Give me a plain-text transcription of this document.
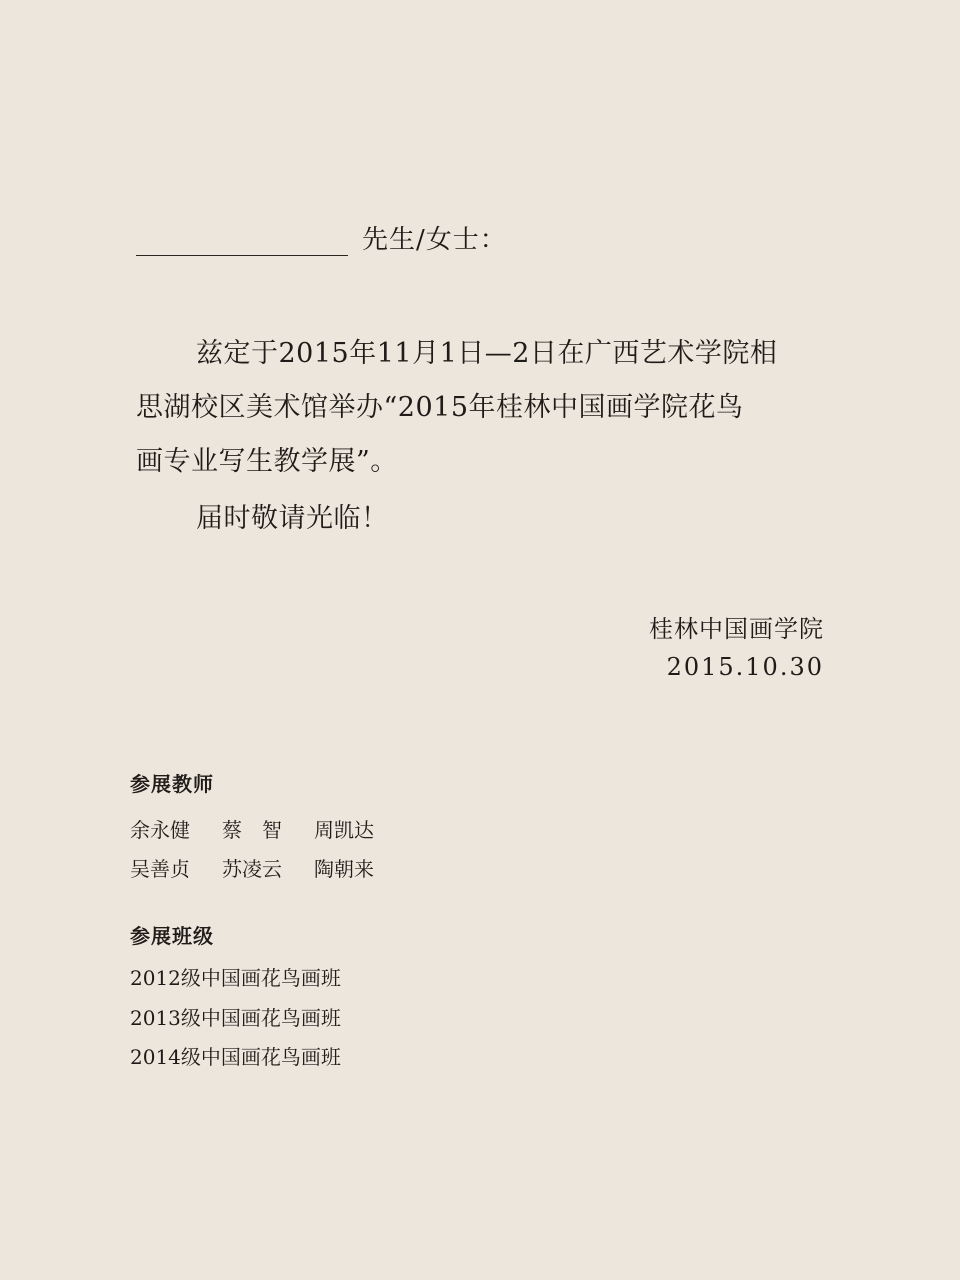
先生/女士：
兹定于2015年11月1日—2日在广西艺术学院相
思湖校区美术馆举办“2015年桂林中国画学院花鸟
画专业写生教学展”。
届时敬请光临！
桂林中国画学院
2015.10.30
参展教师
余永健 蔡　智 周凯达
吴善贞 苏凌云 陶朝来
参展班级
2012级中国画花鸟画班
2013级中国画花鸟画班
2014级中国画花鸟画班
